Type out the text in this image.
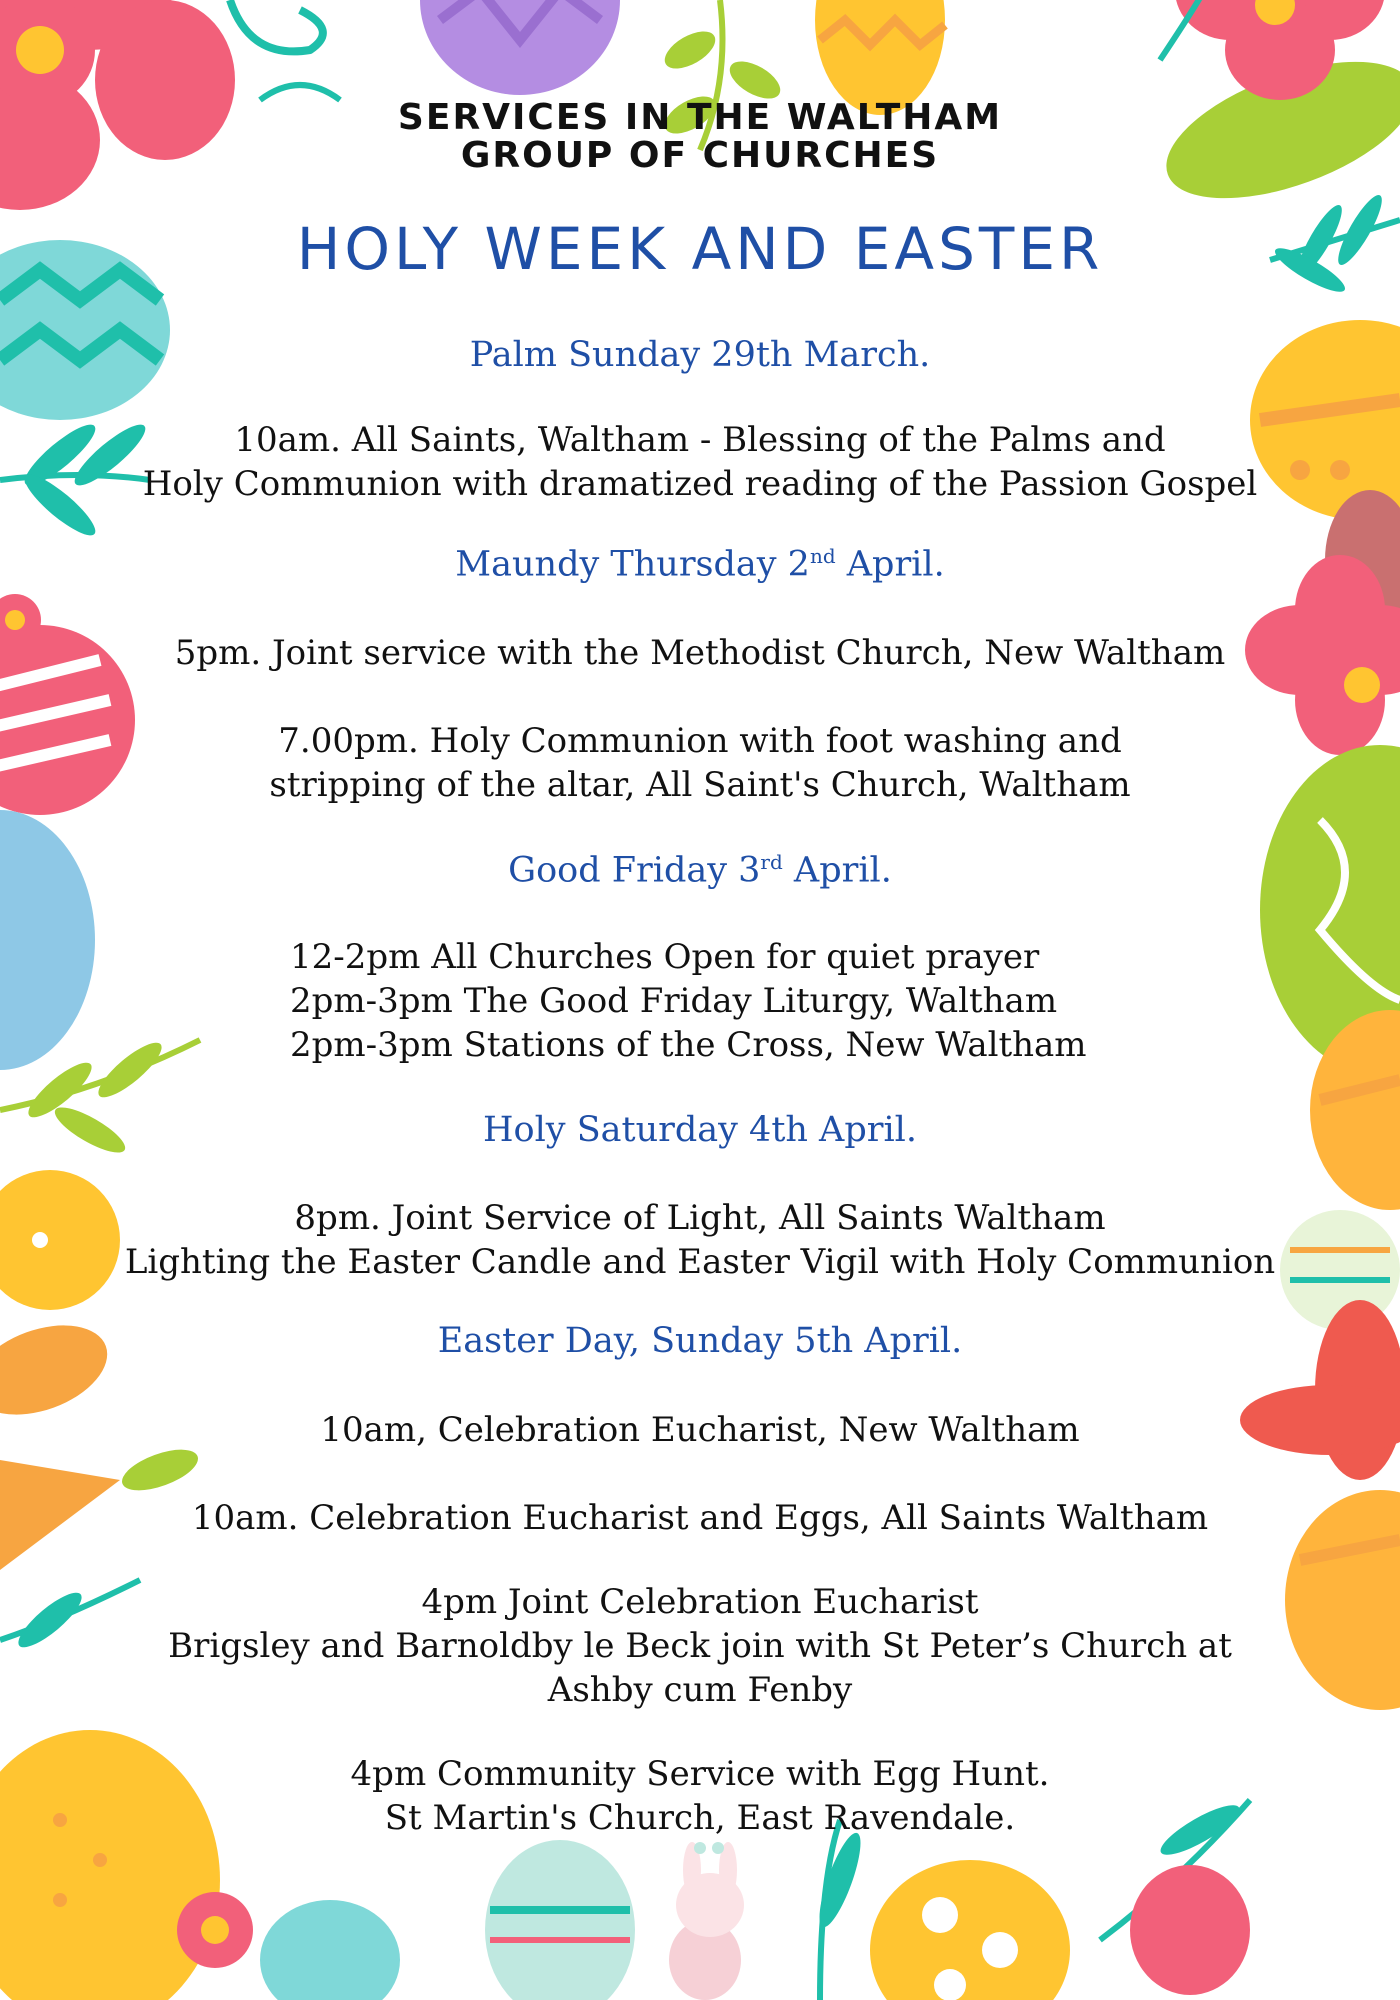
SERVICES IN THE WALTHAM
GROUP OF CHURCHES
HOLY WEEK AND EASTER
Palm Sunday 29th March.
10am. All Saints, Waltham - Blessing of the Palms and
Holy Communion with dramatized reading of the Passion Gospel
Maundy Thursday 2nd April.
5pm. Joint service with the Methodist Church, New Waltham
7.00pm. Holy Communion with foot washing and
stripping of the altar, All Saint's Church, Waltham
Good Friday 3rd April.
12-2pm All Churches Open for quiet prayer
2pm-3pm The Good Friday Liturgy, Waltham
2pm-3pm Stations of the Cross, New Waltham
Holy Saturday 4th April.
8pm. Joint Service of Light, All Saints Waltham
Lighting the Easter Candle and Easter Vigil with Holy Communion
Easter Day, Sunday 5th April.
10am, Celebration Eucharist, New Waltham
10am. Celebration Eucharist and Eggs, All Saints Waltham
4pm Joint Celebration Eucharist
Brigsley and Barnoldby le Beck join with St Peter’s Church at
Ashby cum Fenby
4pm Community Service with Egg Hunt.
St Martin's Church, East Ravendale.
